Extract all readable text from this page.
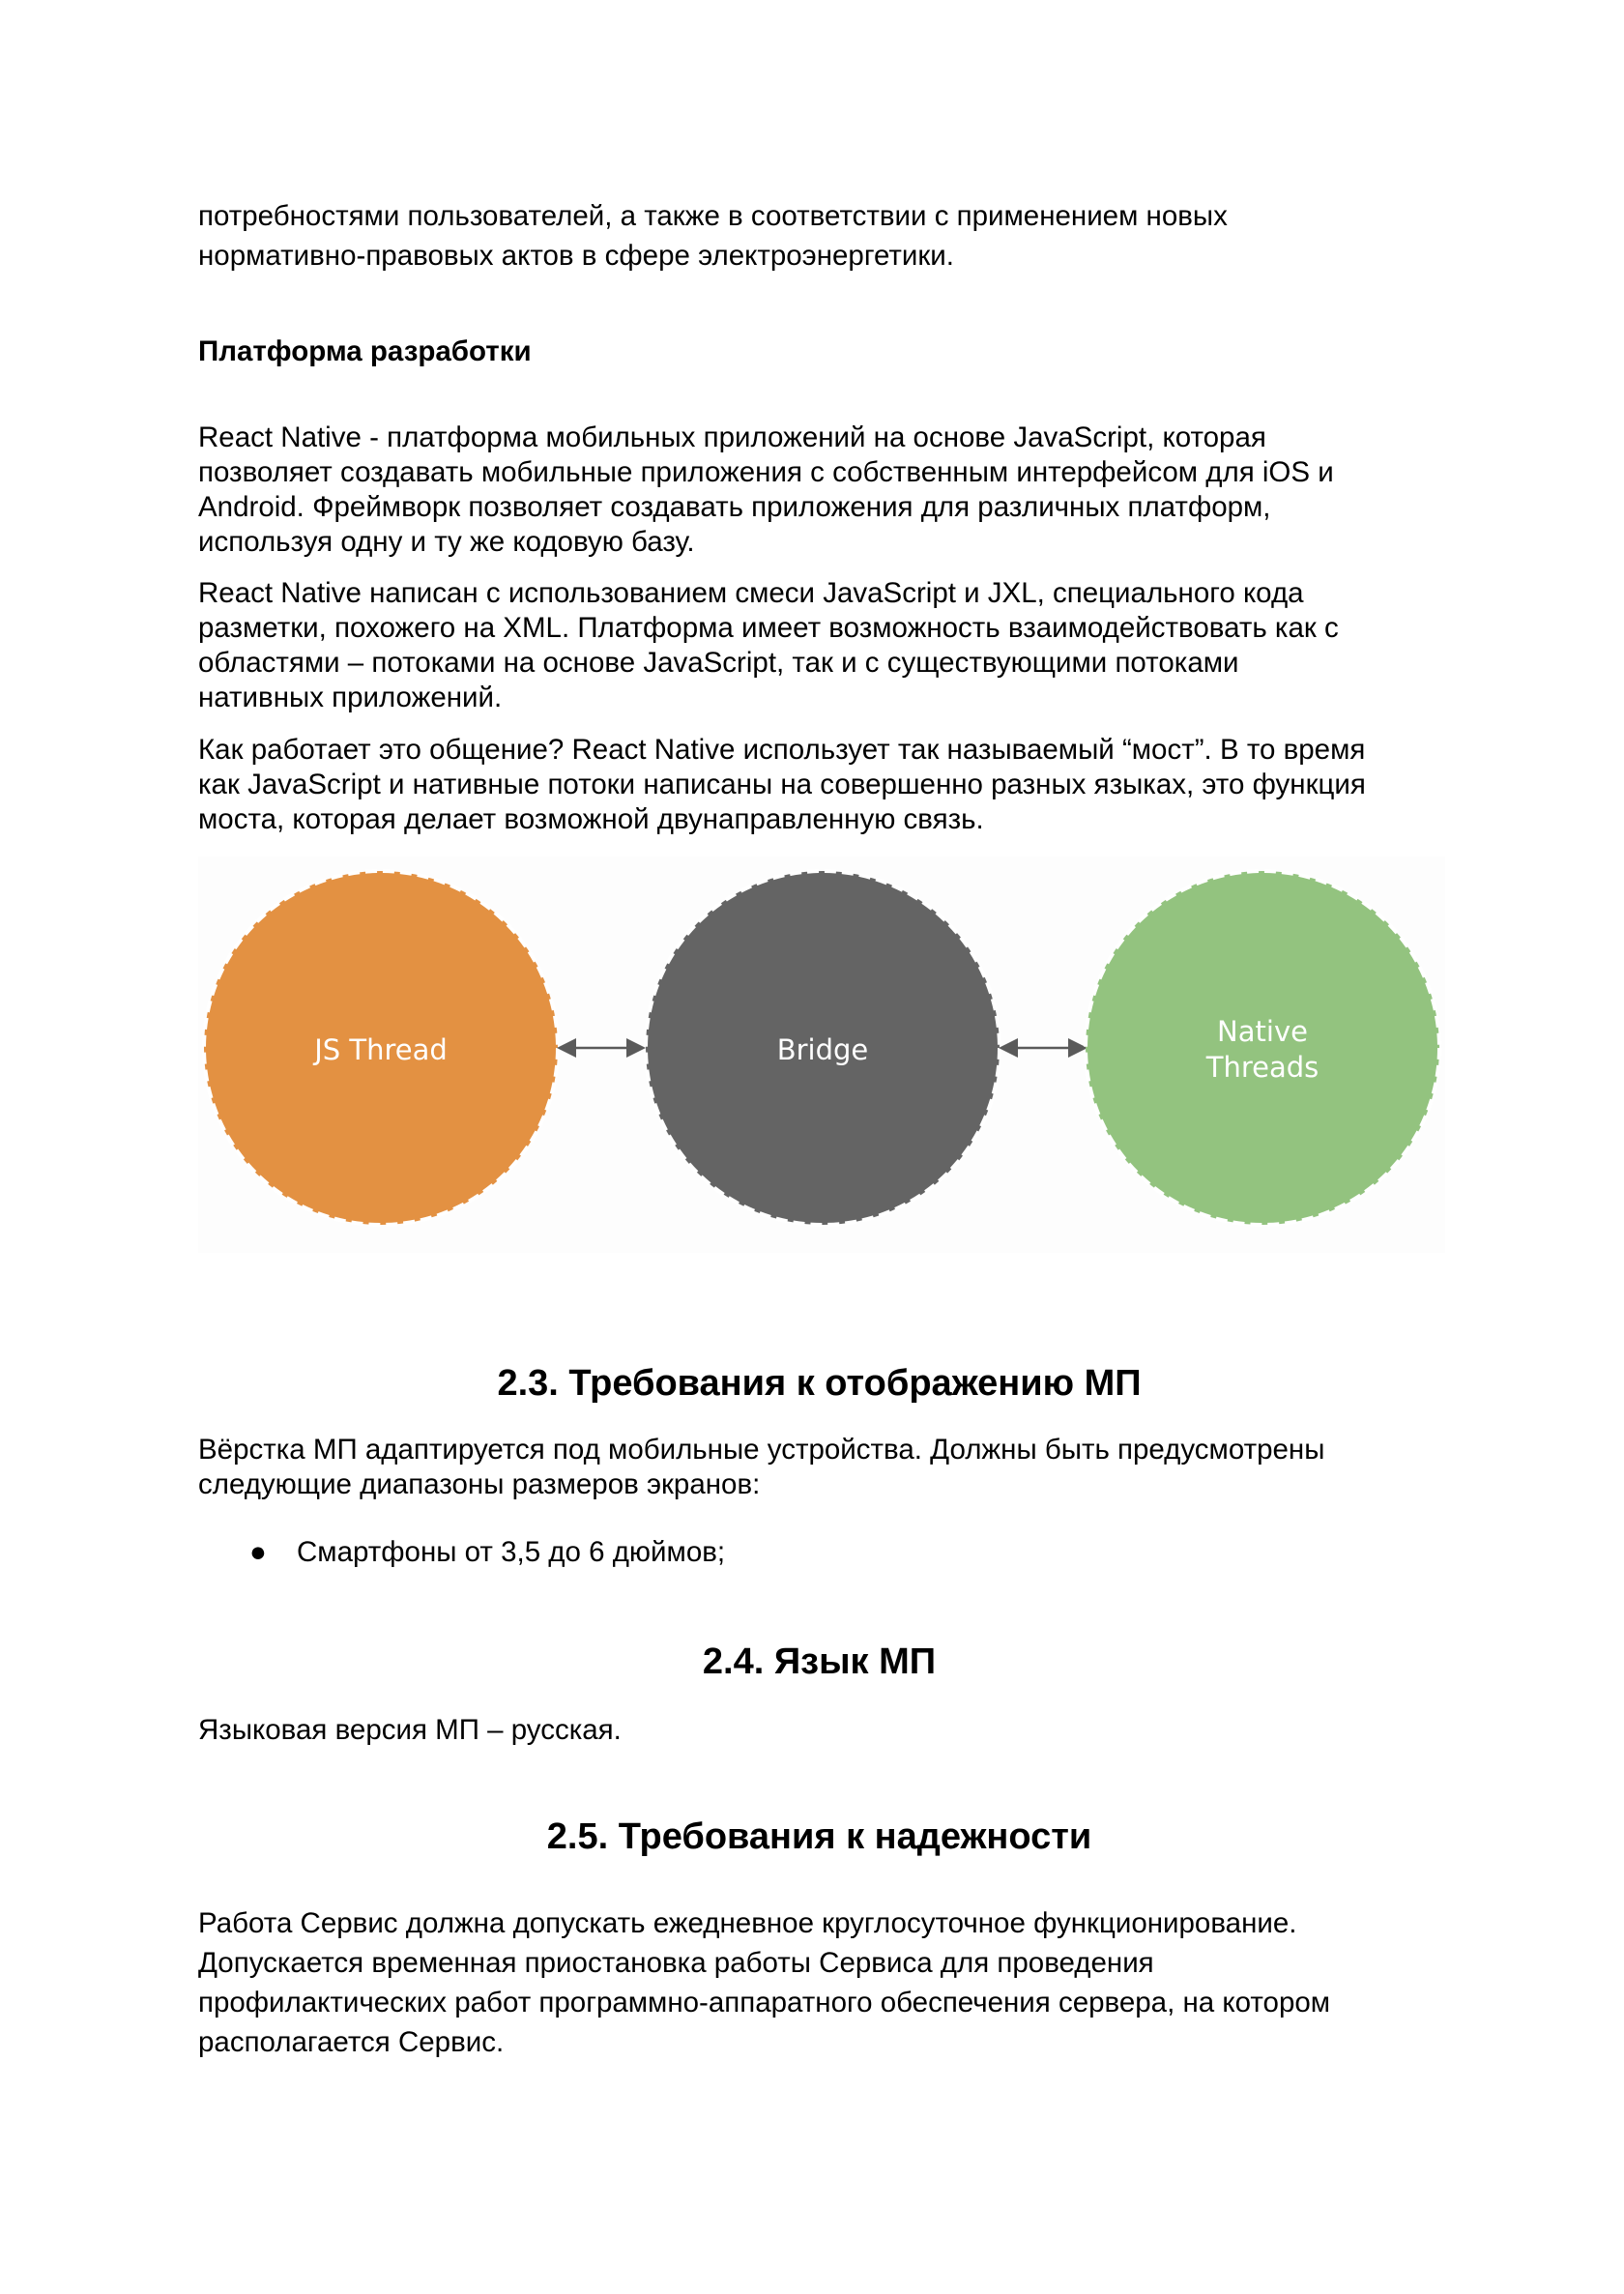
потребностями пользователей, а также в соответствии с применением новых
нормативно-правовых актов в сфере электроэнергетики.
Платформа разработки
React Native - платформа мобильных приложений на основе JavaScript, которая
позволяет создавать мобильные приложения с собственным интерфейсом для iOS и
Android. Фреймворк позволяет создавать приложения для различных платформ,
используя одну и ту же кодовую базу.
React Native написан с использованием смеси JavaScript и JXL, специального кода
разметки, похожего на XML. Платформа имеет возможность взаимодействовать как с
областями – потоками на основе JavaScript, так и с существующими потоками
нативных приложений.
Как работает это общение? React Native использует так называемый “мост”. В то время
как JavaScript и нативные потоки написаны на совершенно разных языках, это функция
моста, которая делает возможной двунаправленную связь.
JS Thread	Bridge
Native
Threads
2.3. Требования к отображению МП
Вёрстка МП адаптируется под мобильные устройства. Должны быть предусмотрены
следующие диапазоны размеров экранов:
● Смартфоны от 3,5 до 6 дюймов;
2.4. Язык МП
Языковая версия МП – русская.
2.5. Требования к надежности
Работа Сервис должна допускать ежедневное круглосуточное функционирование.
Допускается временная приостановка работы Сервиса для проведения
профилактических работ программно-аппаратного обеспечения сервера, на котором
располагается Сервис.
